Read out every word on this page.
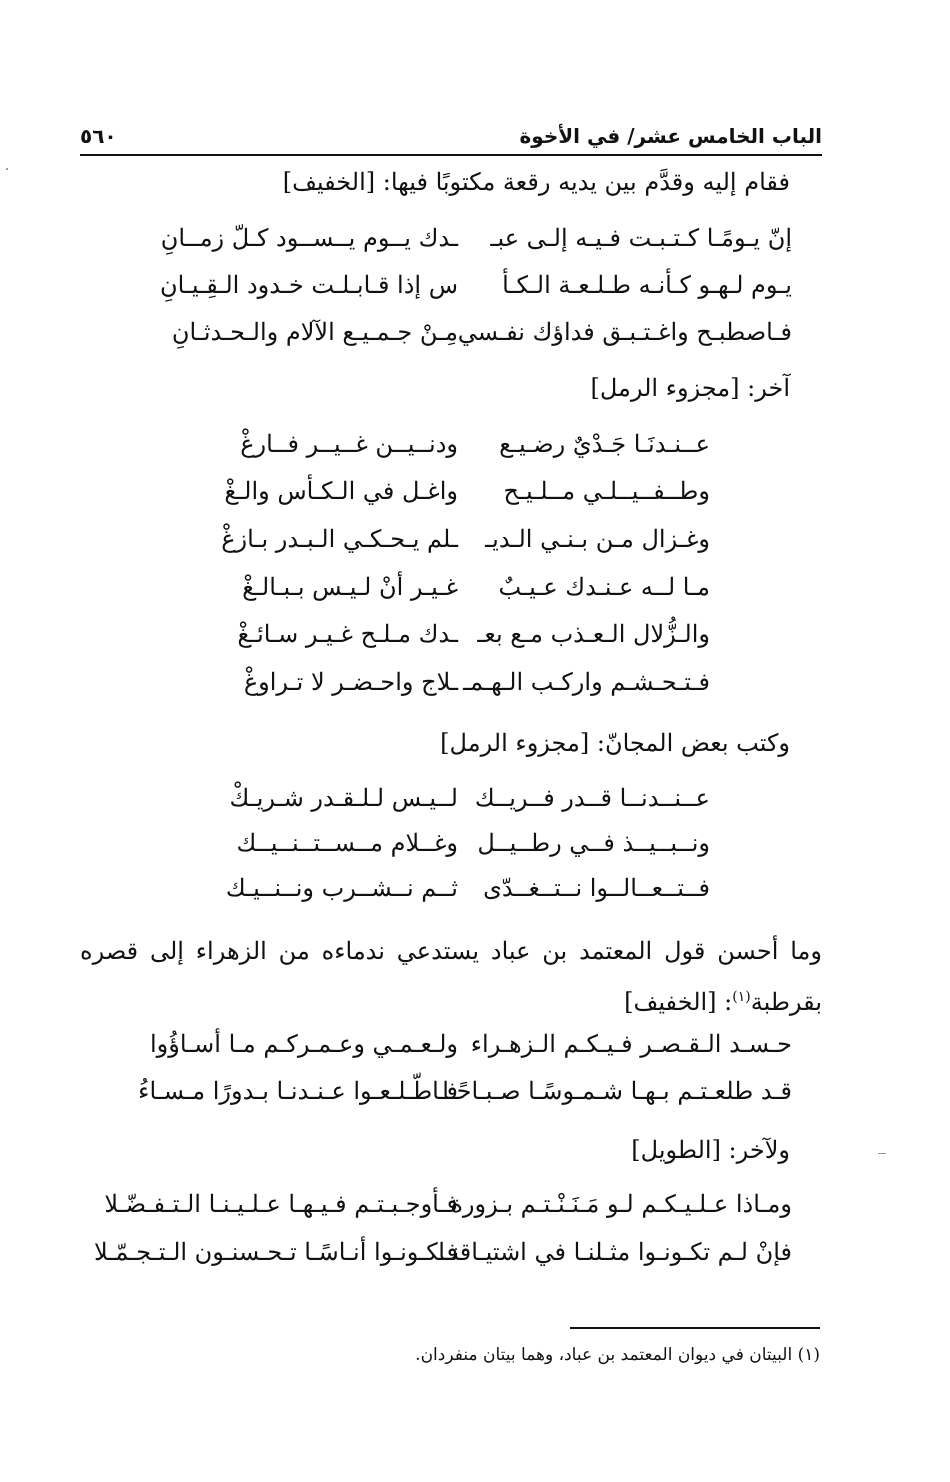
الباب الخامس عشر/ في الأخوة
٥٦٠
فقام إليه وقدَّم بين يديه رقعة مكتوبًا فيها: [الخفيف]
إنّ يـومًـا كـتـبـت فـيـه إلـى عبـ
ـدك يــوم يــســود كـلّ زمــانِ
يـوم لـهـو كـأنـه طـلـعـة الـكـأ
س إذا قـابـلـت خـدود الـقِـيـانِ
فـاصطبـح واغـتـبـق فداؤك نفـسي
مِـنْ جـمـيـع الآلام والـحـدثـانِ
آخر: [مجزوء الرمل]
عــنـدنَـا جَـدْيٌ رضـيـع
ودنــيــن غــيــر فــارغْ
وطــفــيــلـي مــلـيـح
واغـل في الـكـأس والـغْ
وغـزال مـن بـنـي الـديـ
ـلم يـحـكـي الـبـدر بـازغْ
مـا لــه عـنـدك عـيـبٌ
غـيـر أنْ لـيـس بـبـالـغْ
والـزُّلال الـعـذب مـع بعـ
ـدك مـلـح غـيـر سـائـغْ
فـتـحـشـم واركـب الـهـمـ
ـلاج واحـضـر لا تـراوغْ
وكتب بعض المجانّ: [مجزوء الرمل]
عــنــدنــا قــدر فــريــك
لــيـس لـلـقـدر شـريـكْ
ونــبــيــذ فــي رطــيــل
وغــلام مــســتــنــيــك
فــتــعــالــوا نــتــغــدّى
ثــم نــشــرب ونــنــيـك
وما أحسن قول المعتمد بن عباد يستدعي ندماءه من الزهراء إلى قصره بقرطبة$^{(١)}$: [الخفيف]
حـسـد الـقـصـر فـيـكـم الـزهـراء
ولـعـمـي وعـمـركـم مـا أسـاؤُوا
قـد طلعـتـم بـهـا شـمـوسًـا صـبـاحًـا
فـاطّـلـعـوا عـنـدنـا بـدورًا مـسـاءُ
ولآخر: [الطويل]
ومـاذا عـلـيـكـم لـو مَـنَـنْـتـم بـزورة
فـأوجـبـتـم فـيـهـا عـلـيـنـا الـتـفـضّـلا
فإنْ لـم تكـونـوا مثـلنـا في اشتيـاقنـا
فـكـونـوا أنـاسًـا تـحـسنـون الـتـجـمّـلا
(١) البيتان في ديوان المعتمد بن عباد، وهما بيتان منفردان.
